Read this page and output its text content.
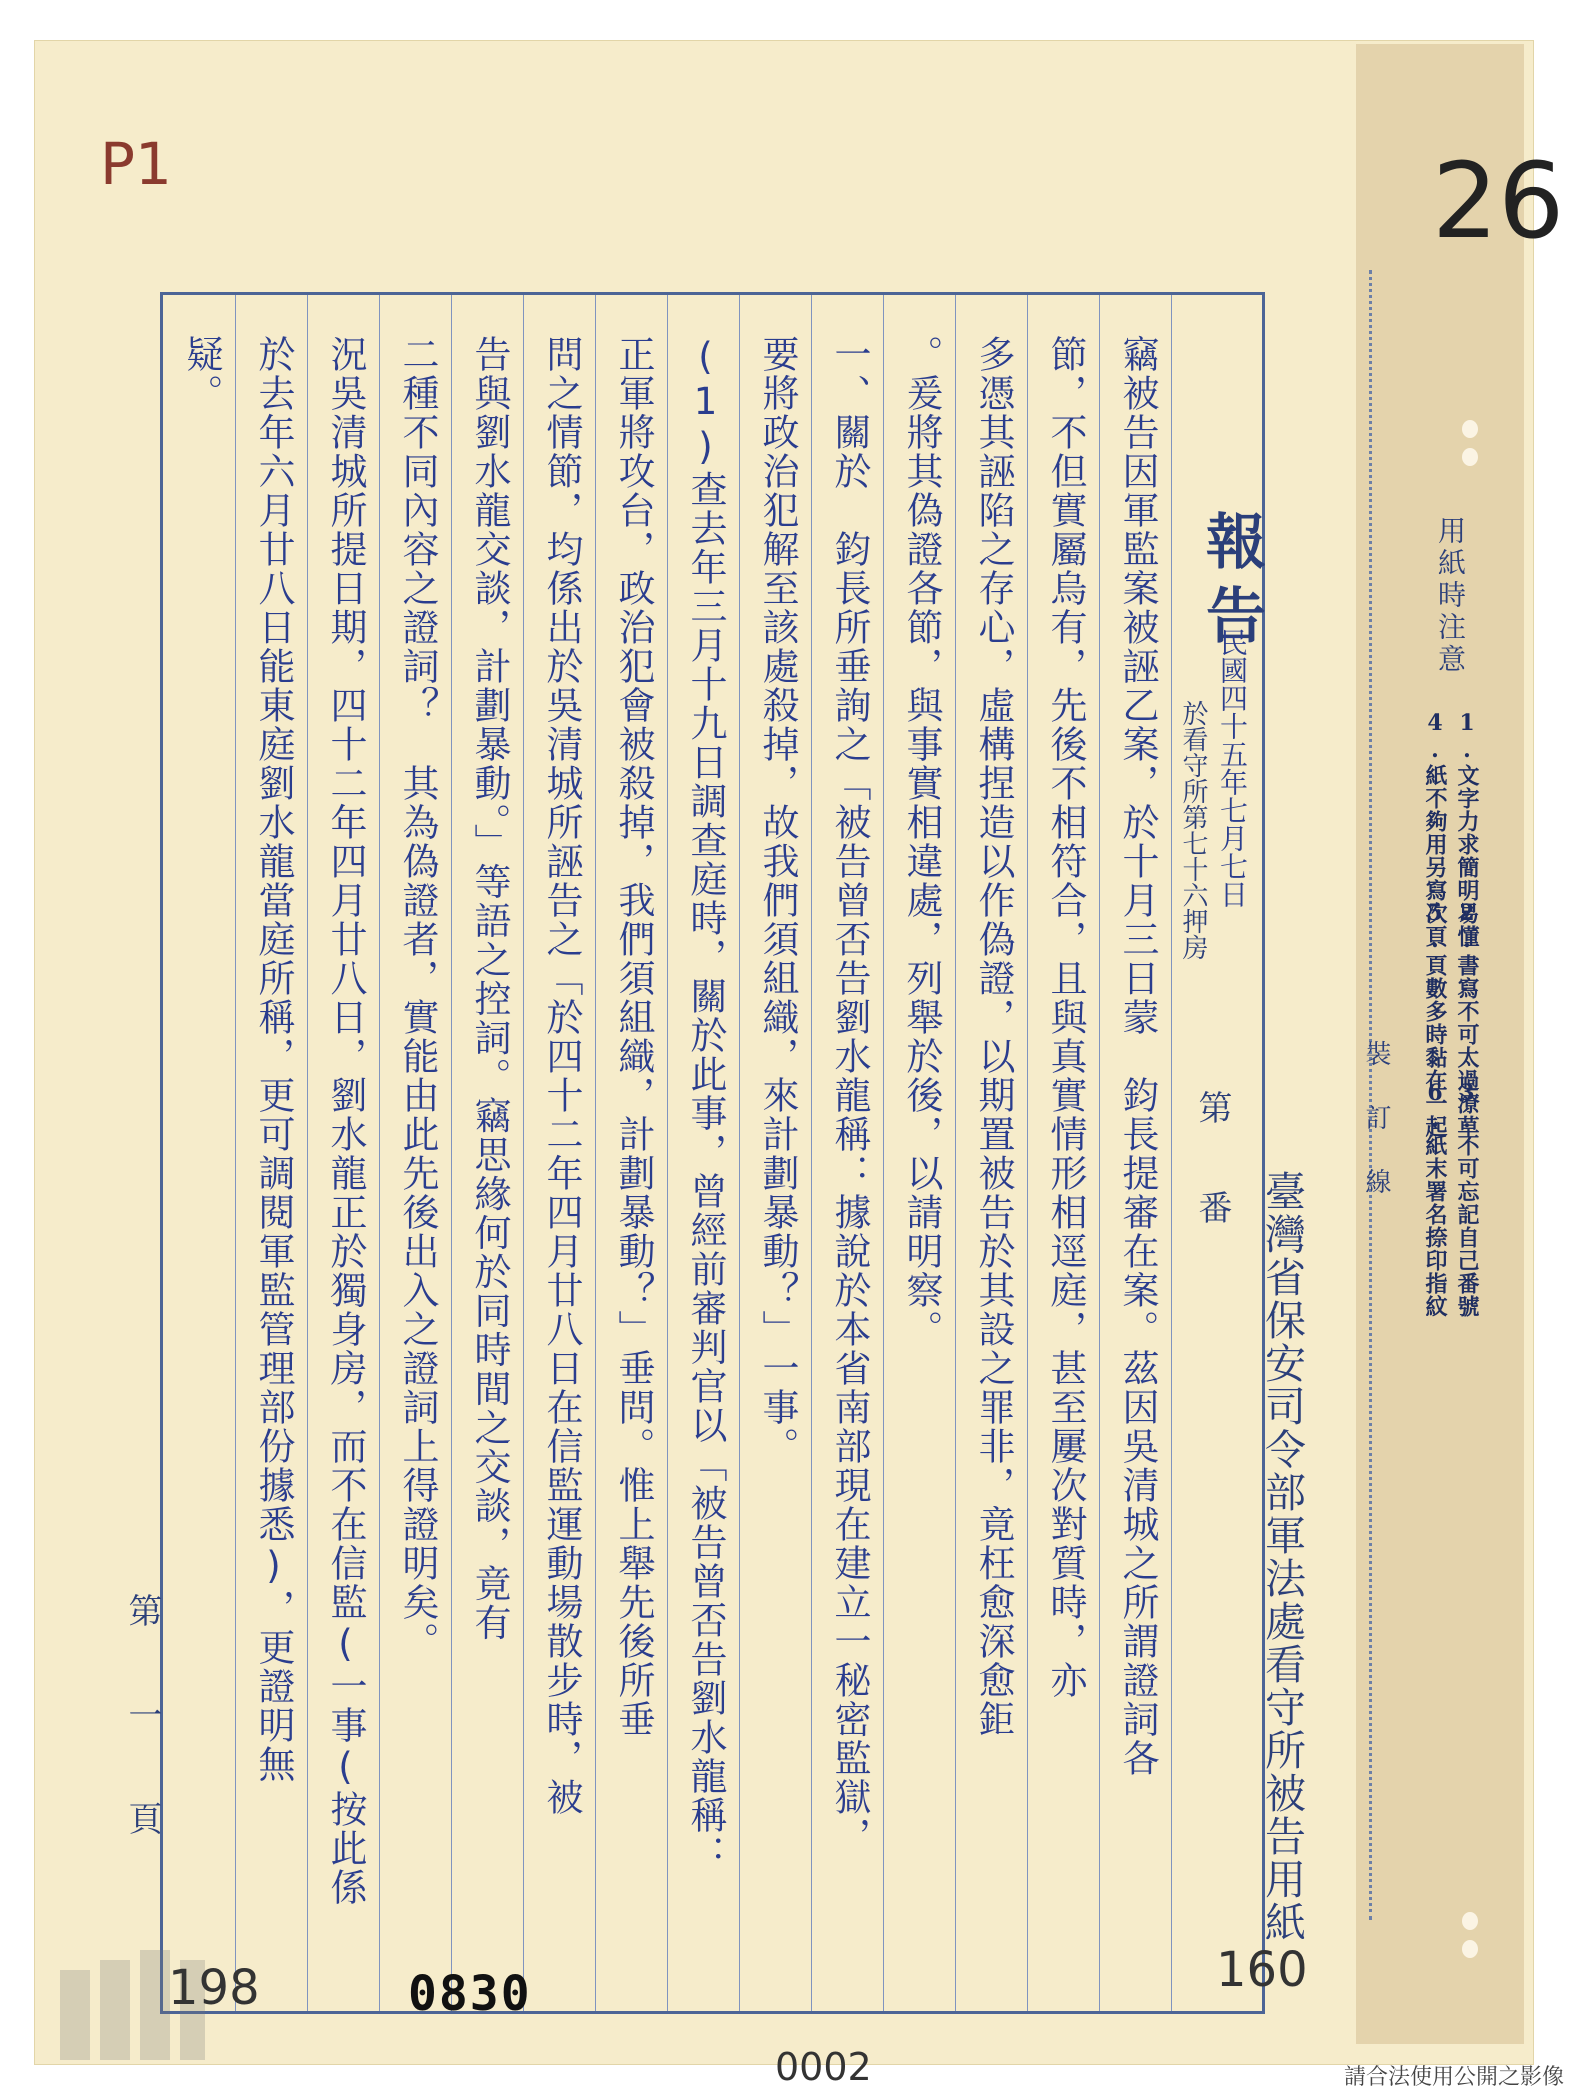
臺灣省保安司令部軍法處看守所被告用紙
裝訂線
用紙時注意
1.文字力求簡明易懂
2.書寫不可太過潦草
3.不可忘記自己番號
4.紙不夠用另寫次頁
5.頁數多時黏在一起
6.紙末署名捺印指紋
竊被告因軍監案被誣乙案，於十月三日蒙　鈞長提審在案。茲因吳清城之所謂證詞各
節，不但實屬烏有，先後不相符合，且與真實情形相逕庭，甚至屢次對質時，亦
多憑其誣陷之存心，虛構捏造以作偽證，以期置被告於其設之罪非，竟枉愈深愈鉅
。爰將其偽證各節，與事實相違處，列舉於後，以請明察。
一、關於　鈞長所垂詢之「被告曾否告劉水龍稱：據說於本省南部現在建立一秘密監獄，
要將政治犯解至該處殺掉，故我們須組織，來計劃暴動？」一事。
(1)查去年三月十九日調查庭時，關於此事，曾經前審判官以「被告曾否告劉水龍稱：
正軍將攻台，政治犯會被殺掉，我們須組織，計劃暴動？」垂問。惟上舉先後所垂
問之情節，均係出於吳清城所誣告之「於四十二年四月廿八日在信監運動場散步時，被
告與劉水龍交談，計劃暴動。」等語之控詞。竊思緣何於同時間之交談，竟有
二種不同內容之證詞？　其為偽證者，實能由此先後出入之證詞上得證明矣。
況吳清城所提日期，四十二年四月廿八日，劉水龍正於獨身房，而不在信監(一事(按此係
於去年六月廿八日能東庭劉水龍當庭所稱，更可調閱軍監管理部份據悉)，更證明無
疑。
報告
民國四十五年七月七日
於看守所第七十六押房
第番
第一頁
P1	26
198	0830
0002
160
請合法使用公開之影像
